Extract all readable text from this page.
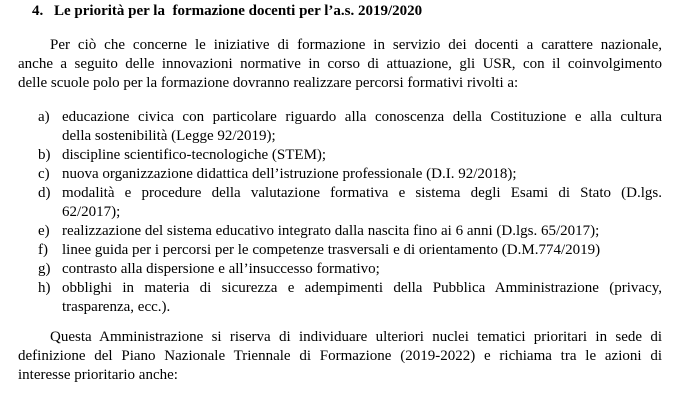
4. Le priorità per la  formazione docenti per l’a.s. 2019/2020
Per ciò che concerne le iniziative di formazione in servizio dei docenti a carattere nazionale,
anche a seguito delle innovazioni normative in corso di attuazione, gli USR, con il coinvolgimento
delle scuole polo per la formazione dovranno realizzare percorsi formativi rivolti a:
a) educazione civica con particolare riguardo alla conoscenza della Costituzione e alla cultura
della sostenibilità (Legge 92/2019);
b) discipline scientifico-tecnologiche (STEM);
c) nuova organizzazione didattica dell’istruzione professionale (D.I. 92/2018);
d) modalità e procedure della valutazione formativa e sistema degli Esami di Stato (D.lgs.
62/2017);
e) realizzazione del sistema educativo integrato dalla nascita fino ai 6 anni (D.lgs. 65/2017);
f) linee guida per i percorsi per le competenze trasversali e di orientamento (D.M.774/2019)
g) contrasto alla dispersione e all’insuccesso formativo;
h) obblighi in materia di sicurezza e adempimenti della Pubblica Amministrazione (privacy,
trasparenza, ecc.).
Questa Amministrazione si riserva di individuare ulteriori nuclei tematici prioritari in sede di
definizione del Piano Nazionale Triennale di Formazione (2019-2022) e richiama tra le azioni di
interesse prioritario anche:
